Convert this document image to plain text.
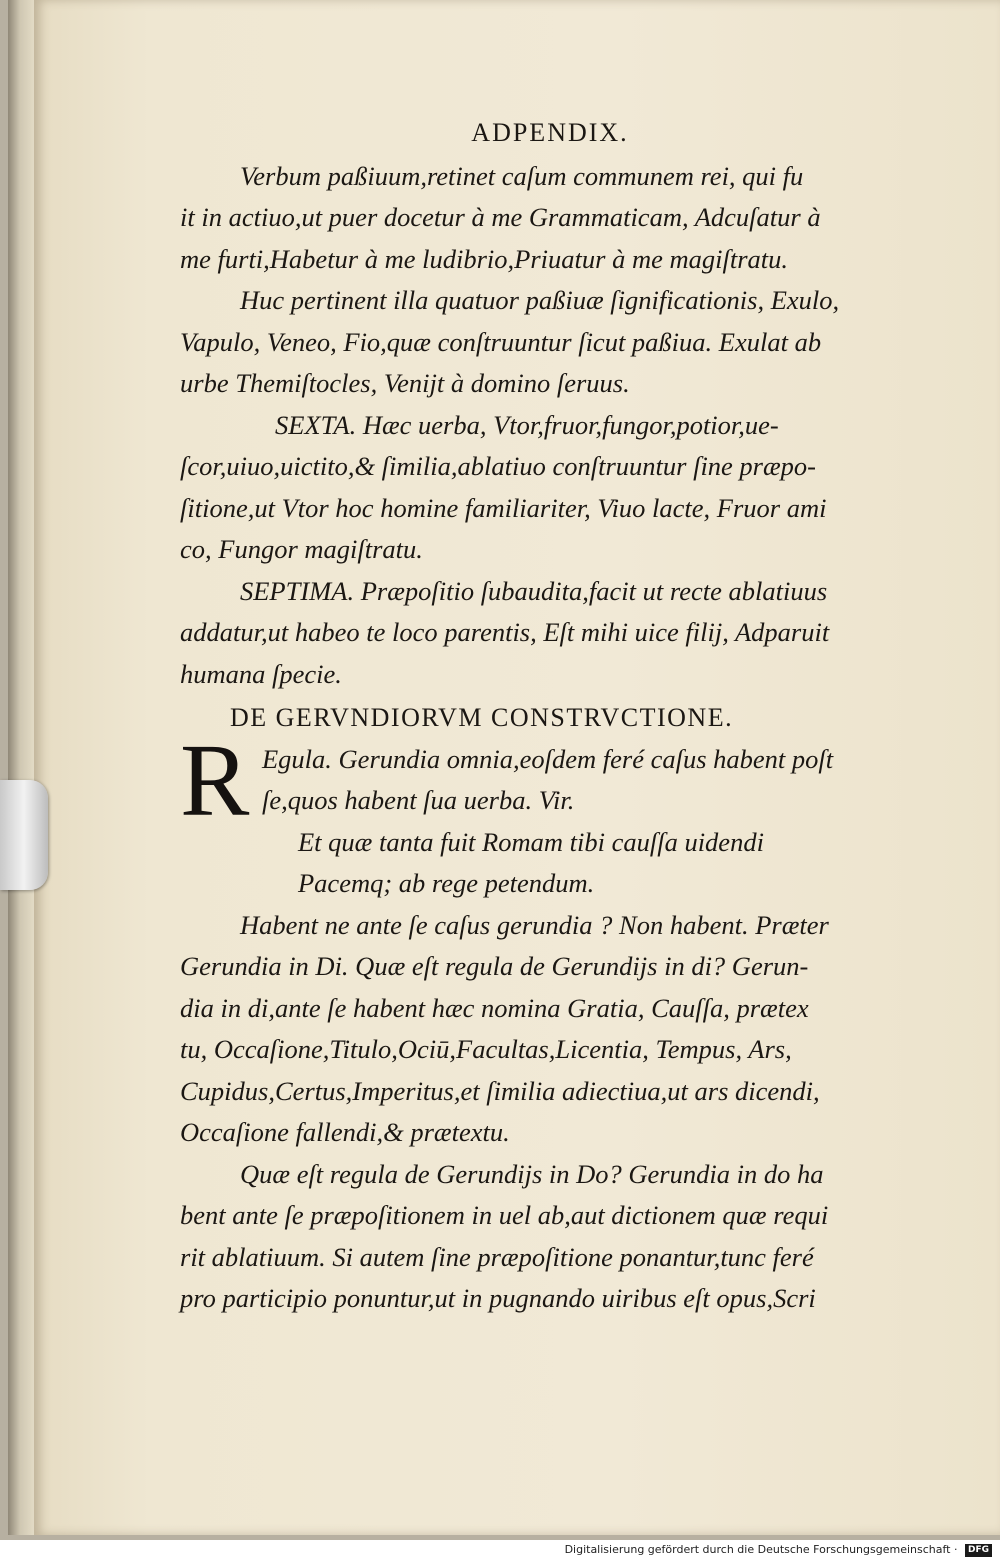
ADPENDIX.

Verbum paßiuum,retinet caſum communem rei, qui fu
it in actiuo,ut puer docetur à me Grammaticam, Adcuſatur à
me furti,Habetur à me ludibrio,Priuatur à me magiſtratu.

Huc pertinent illa quatuor paßiuæ ſignificationis, Exulo,
Vapulo, Veneo, Fio,quæ conſtruuntur ſicut paßiua. Exulat ab
urbe Themiſtocles, Veniјt à domino ſeruus.

SEXTA. Hæc uerba, Vtor,fruor,fungor,potior,ue-
ſcor,uiuo,uictito,& ſimilia,ablatiuo conſtruuntur ſine præpo-
ſitione,ut Vtor hoc homine familiariter, Viuo lacte, Fruor ami
co, Fungor magiſtratu.

SEPTIMA. Præpoſitio ſubaudita,facit ut recte ablatiuus
addatur,ut habeo te loco parentis, Eſt mihi uice filij, Adparuit
humana ſpecie.

DE GERVNDIORVM CONSTRVCTIONE.
R Egula. Gerundia omnia,eoſdem feré caſus habent poſt
ſe,quos habent ſua uerba. Vir.
Et quæ tanta fuit Romam tibi cauſſa uidendi
Pacemq; ab rege petendum.

Habent ne ante ſe caſus gerundia ? Non habent. Præter
Gerundia in Di. Quæ eſt regula de Gerundijs in di? Gerun-
dia in di,ante ſe habent hæc nomina Gratia, Cauſſa, prætex
tu, Occaſione,Titulo,Ociū,Facultas,Licentia, Tempus, Ars,
Cupidus,Certus,Imperitus,et ſimilia adiectiua,ut ars dicendi,
Occaſione fallendi,& prætextu.

Quæ eſt regula de Gerundijs in Do? Gerundia in do ha
bent ante ſe præpoſitionem in uel ab,aut dictionem quæ requi
rit ablatiuum. Si autem ſine præpoſitione ponantur,tunc feré
pro participio ponuntur,ut in pugnando uiribus eſt opus,Scri

Digitalisierung gefördert durch die Deutsche Forschungsgemeinschaft · DFG
